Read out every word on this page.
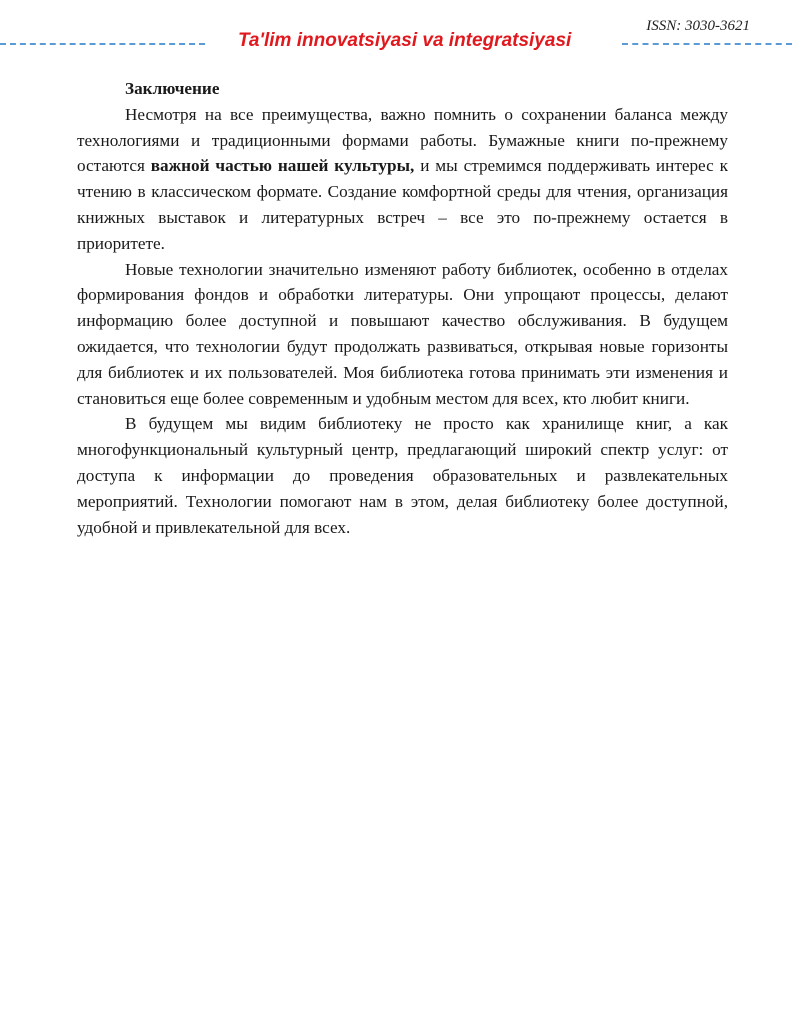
ISSN: 3030-3621
Ta'lim innovatsiyasi va integratsiyasi

Заключение

Несмотря на все преимущества, важно помнить о сохранении баланса между технологиями и традиционными формами работы. Бумажные книги по-прежнему остаются важной частью нашей культуры, и мы стремимся поддерживать интерес к чтению в классическом формате. Создание комфортной среды для чтения, организация книжных выставок и литературных встреч – все это по-прежнему остается в приоритете.

Новые технологии значительно изменяют работу библиотек, особенно в отделах формирования фондов и обработки литературы. Они упрощают процессы, делают информацию более доступной и повышают качество обслуживания. В будущем ожидается, что технологии будут продолжать развиваться, открывая новые горизонты для библиотек и их пользователей. Моя библиотека готова принимать эти изменения и становиться еще более современным и удобным местом для всех, кто любит книги.

В будущем мы видим библиотеку не просто как хранилище книг, а как многофункциональный культурный центр, предлагающий широкий спектр услуг: от доступа к информации до проведения образовательных и развлекательных мероприятий. Технологии помогают нам в этом, делая библиотеку более доступной, удобной и привлекательной для всех.
